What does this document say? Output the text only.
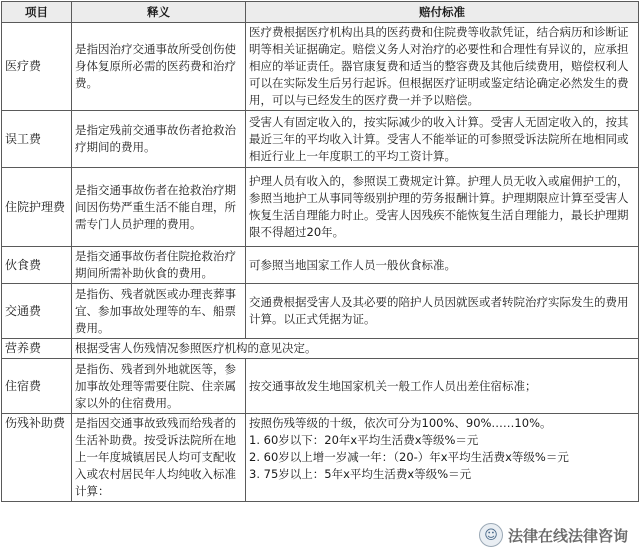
项目	释义	赔付标准
医疗费	是指因治疗交通事故所受创伤使身体复原所必需的医药费和治疗费。	医疗费根据医疗机构出具的医药费和住院费等收款凭证，结合病历和诊断证明等相关证据确定。赔偿义务人对治疗的必要性和合理性有异议的，应承担相应的举证责任。器官康复费和适当的整容费及其他后续费用，赔偿权利人可以在实际发生后另行起诉。但根据医疗证明或鉴定结论确定必然发生的费用，可以与已经发生的医疗费一并予以赔偿。

误工费	是指定残前交通事故伤者抢救治疗期间的费用。	受害人有固定收入的，按实际减少的收入计算。受害人无固定收入的，按其最近三年的平均收入计算。受害人不能举证的可参照受诉法院所在地相同或相近行业上一年度职工的平均工资计算。

住院护理费	是指交通事故伤者在抢救治疗期间因伤势严重生活不能自理，所需专门人员护理的费用。	护理人员有收入的，参照误工费规定计算。护理人员无收入或雇佣护工的，参照当地护工从事同等级别护理的劳务报酬计算。护理期限应计算至受害人恢复生活自理能力时止。受害人因残疾不能恢复生活自理能力，最长护理期限不得超过20年。

伙食费	是指交通事故伤者住院抢救治疗期间所需补助伙食的费用。	可参照当地国家工作人员一般伙食标准。

交通费	是指伤、残者就医或办理丧葬事宜、参加事故处理等的车、船票费用。	交通费根据受害人及其必要的陪护人员因就医或者转院治疗实际发生的费用计算。以正式凭据为证。

营养费	根据受害人伤残情况参照医疗机构的意见决定。	
住宿费	是指伤、残者到外地就医等，参加事故处理等需要住院、住亲属家以外的住宿费用。	按交通事故发生地国家机关一般工作人员出差住宿标准；

伤残补助费	是指因交通事故致残而给残者的生活补助费。按受诉法院所在地上一年度城镇居民人均可支配收入或农村居民年人均纯收入标准计算：	按照伤残等级的十级，依次可分为100%、90%……10%。
1. 60岁以下：20年x平均生活费x等级%＝元
2. 60岁以上增一岁减一年：（20-）年x平均生活费x等级%＝元
3. 75岁以上：5年x平均生活费x等级%＝元
☺ 法律在线法律咨询
